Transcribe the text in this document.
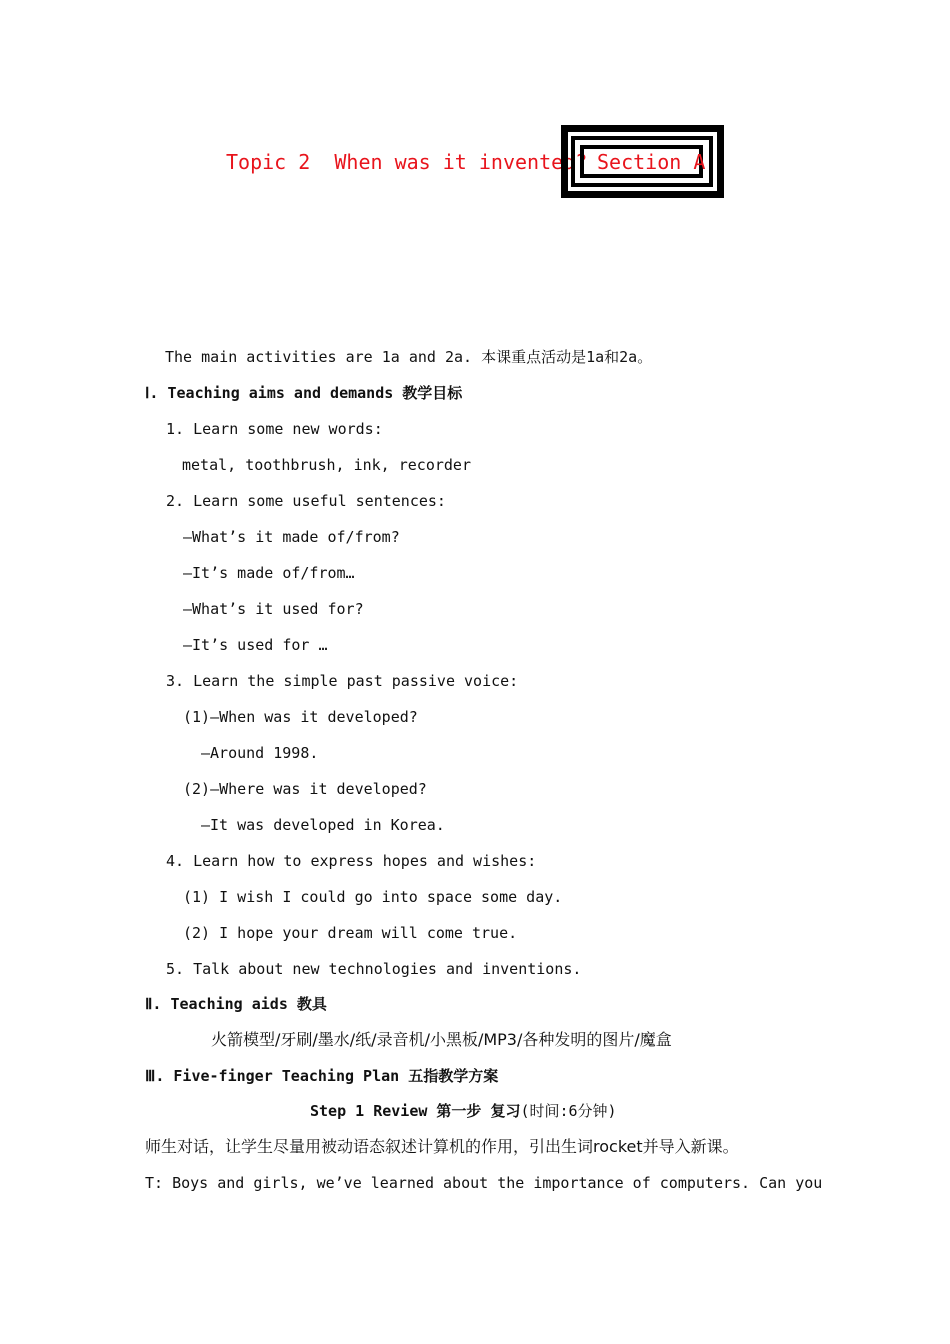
Topic 2 When was it invented? Section A
The main activities are 1a and 2a. 本课重点活动是1a和2a。
Ⅰ. Teaching aims and demands 教学目标
1. Learn some new words:
metal, toothbrush, ink, recorder
2. Learn some useful sentences:
—What’s it made of/from?
—It’s made of/from…
—What’s it used for?
—It’s used for …
3. Learn the simple past passive voice:
(1)—When was it developed?
—Around 1998.
(2)—Where was it developed?
—It was developed in Korea.
4. Learn how to express hopes and wishes:
(1) I wish I could go into space some day.
(2) I hope your dream will come true.
5. Talk about new technologies and inventions.
Ⅱ. Teaching aids 教具
火箭模型/牙刷/墨水/纸/录音机/小黑板/MP3/各种发明的图片/魔盒
Ⅲ. Five-finger Teaching Plan 五指教学方案
Step 1 Review 第一步 复习(时间:6分钟)
师生对话，让学生尽量用被动语态叙述计算机的作用，引出生词rocket并导入新课。
T: Boys and girls, we’ve learned about the importance of computers. Can you
